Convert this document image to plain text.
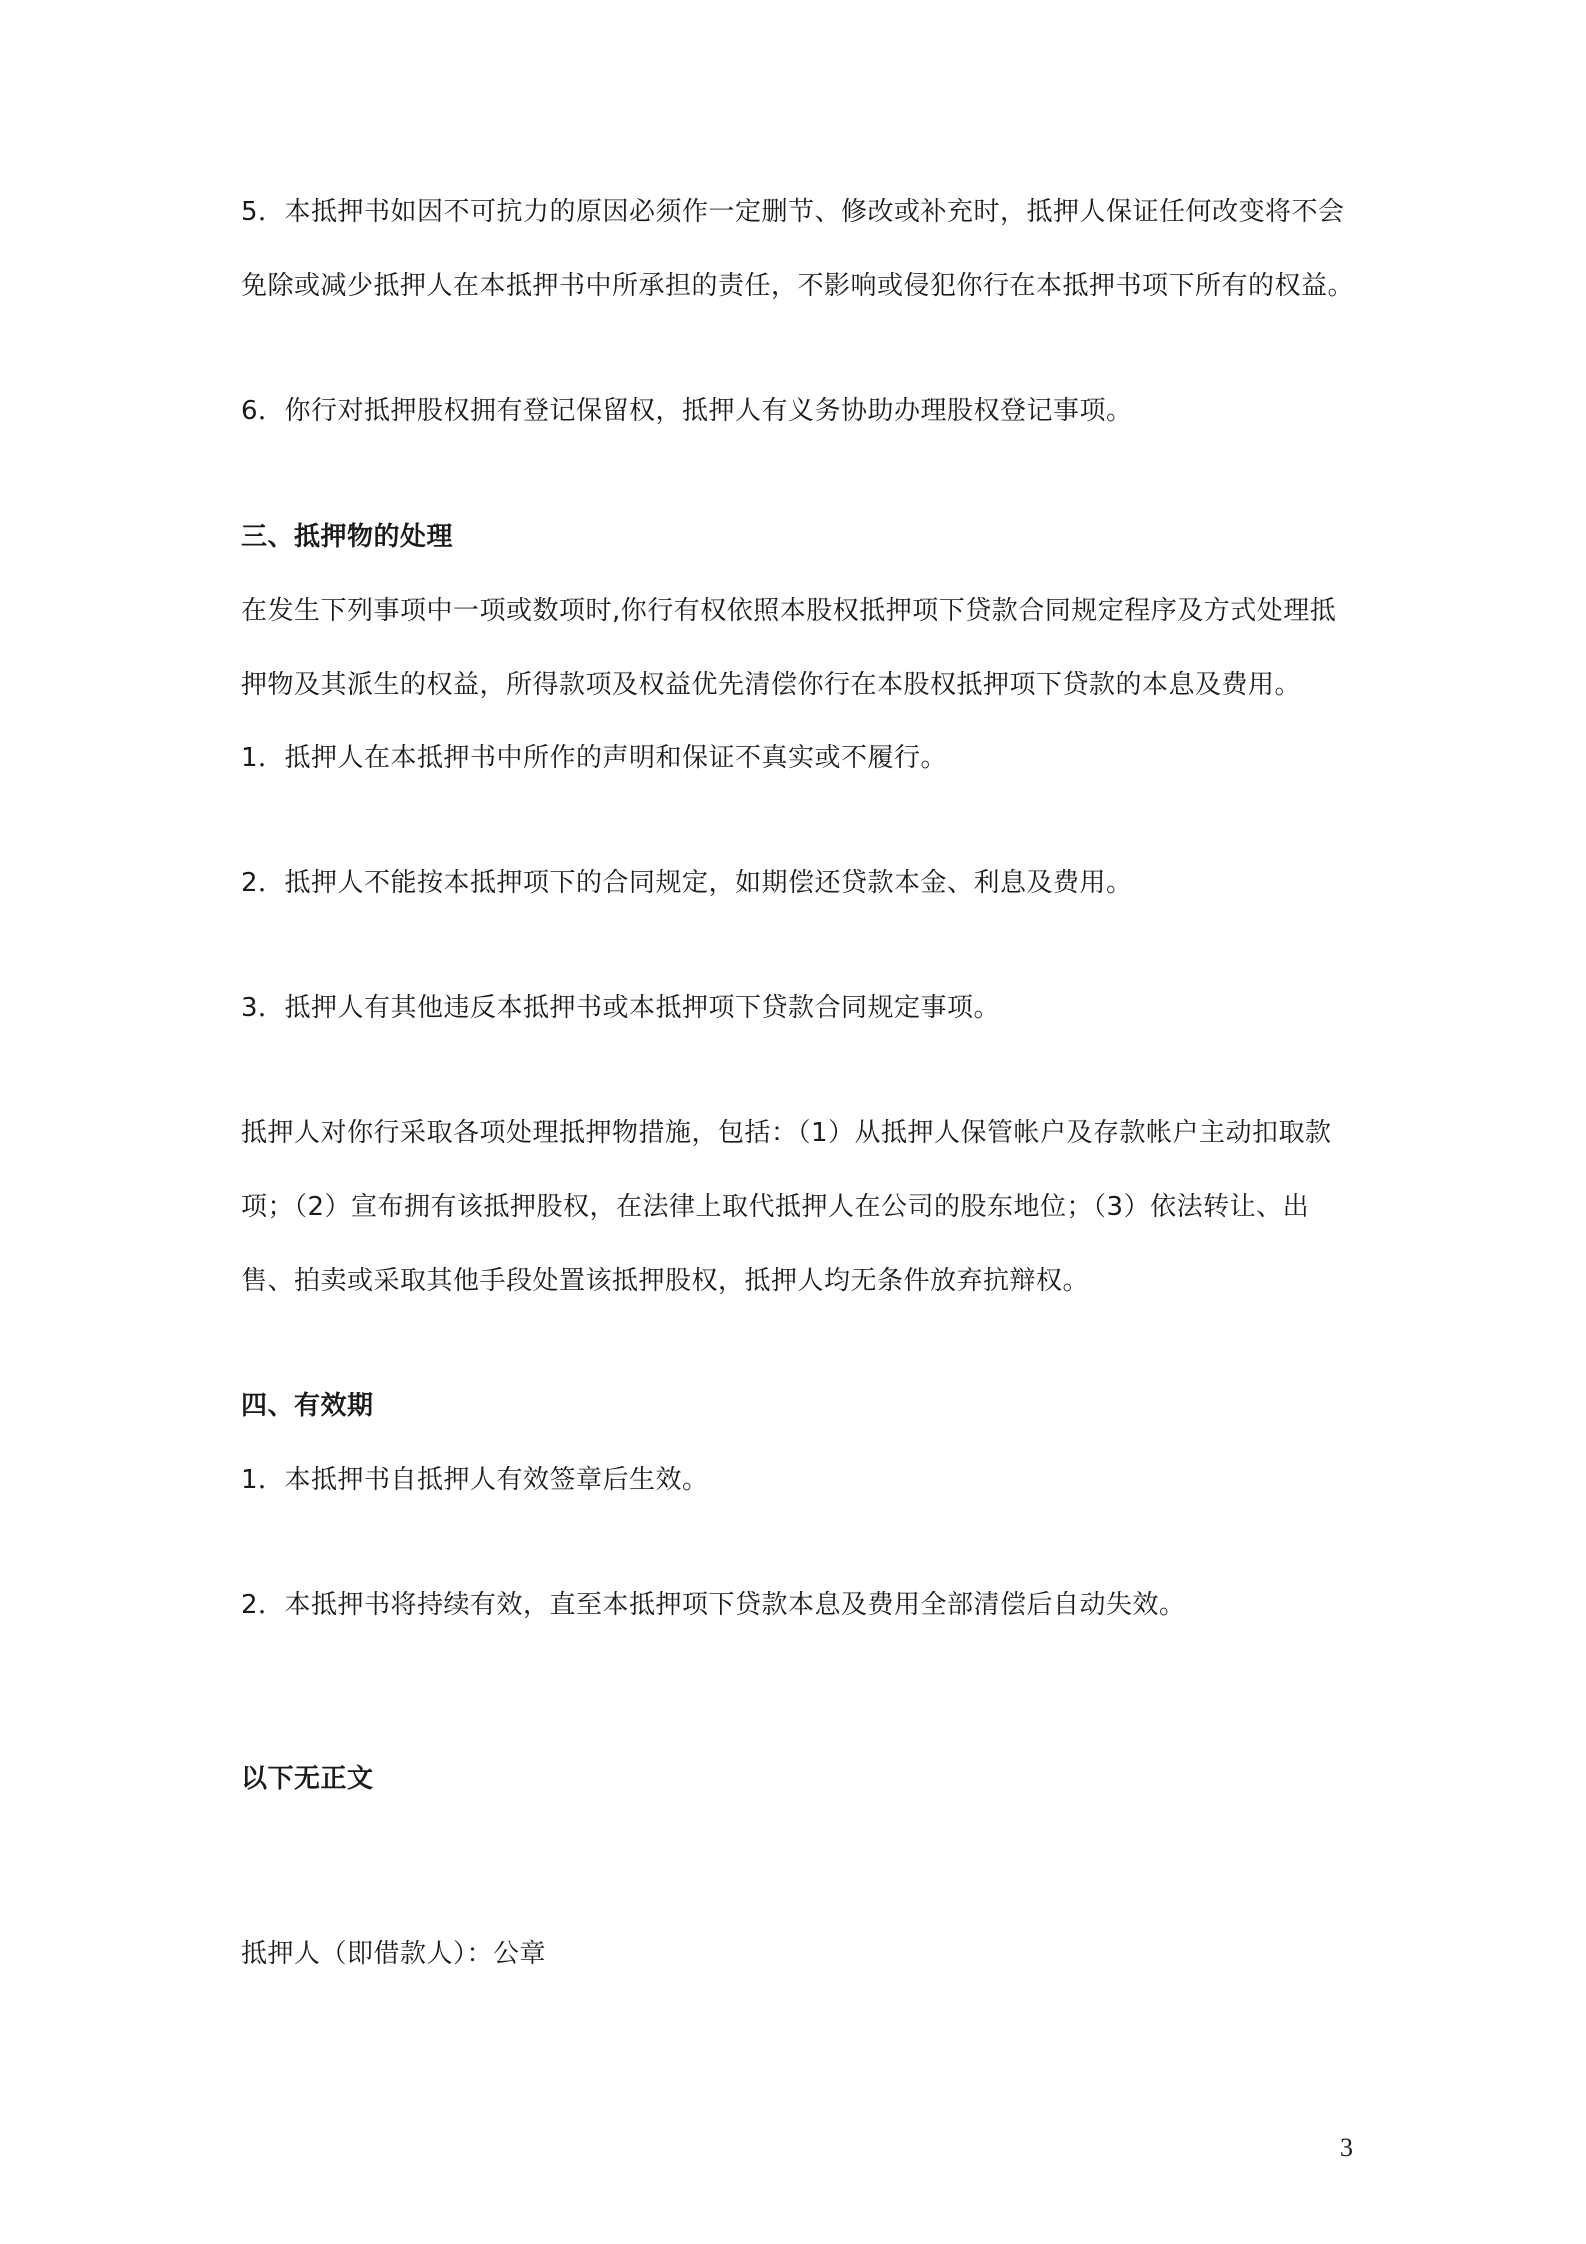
5．本抵押书如因不可抗力的原因必须作一定删节、修改或补充时，抵押人保证任何改变将不会
免除或减少抵押人在本抵押书中所承担的责任，不影响或侵犯你行在本抵押书项下所有的权益。
6．你行对抵押股权拥有登记保留权，抵押人有义务协助办理股权登记事项。
三、抵押物的处理
在发生下列事项中一项或数项时,你行有权依照本股权抵押项下贷款合同规定程序及方式处理抵
押物及其派生的权益，所得款项及权益优先清偿你行在本股权抵押项下贷款的本息及费用。
1．抵押人在本抵押书中所作的声明和保证不真实或不履行。
2．抵押人不能按本抵押项下的合同规定，如期偿还贷款本金、利息及费用。
3．抵押人有其他违反本抵押书或本抵押项下贷款合同规定事项。
抵押人对你行采取各项处理抵押物措施，包括：（1）从抵押人保管帐户及存款帐户主动扣取款
项；（2）宣布拥有该抵押股权，在法律上取代抵押人在公司的股东地位；（3）依法转让、出
售、拍卖或采取其他手段处置该抵押股权，抵押人均无条件放弃抗辩权。
四、有效期
1．本抵押书自抵押人有效签章后生效。
2．本抵押书将持续有效，直至本抵押项下贷款本息及费用全部清偿后自动失效。
以下无正文
抵押人（即借款人）：公章
3
